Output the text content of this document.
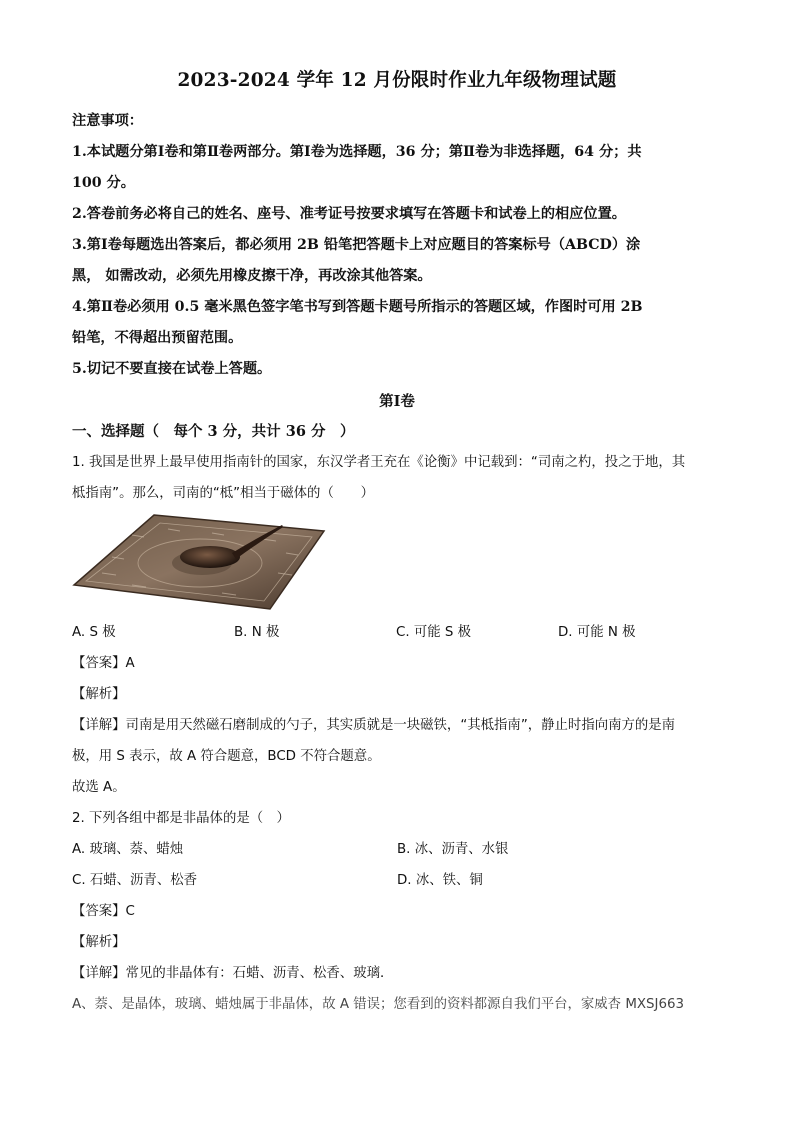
2023-2024 学年 12 月份限时作业九年级物理试题

注意事项：

1.本试题分第Ⅰ卷和第Ⅱ卷两部分。第Ⅰ卷为选择题，36 分；第Ⅱ卷为非选择题，64 分；共

100 分。

2.答卷前务必将自己的姓名、座号、准考证号按要求填写在答题卡和试卷上的相应位置。

3.第Ⅰ卷每题选出答案后，都必须用 2B 铅笔把答题卡上对应题目的答案标号（ABCD）涂

黑， 如需改动，必须先用橡皮擦干净，再改涂其他答案。

4.第Ⅱ卷必须用 0.5 毫米黑色签字笔书写到答题卡题号所指示的答题区域，作图时可用 2B

铅笔，不得超出预留范围。

5.切记不要直接在试卷上答题。

第Ⅰ卷
一、选择题（　每个 3 分，共计 36 分　）

1. 我国是世界上最早使用指南针的国家，东汉学者王充在《论衡》中记载到：“司南之杓，投之于地，其

柢指南”。那么，司南的“柢”相当于磁体的（　　）

A. S 极	B. N 极	C. 可能 S 极	D. 可能 N 极

【答案】A

【解析】

【详解】司南是用天然磁石磨制成的勺子，其实质就是一块磁铁，“其柢指南”，静止时指向南方的是南

极，用 S 表示，故 A 符合题意，BCD 不符合题意。

故选 A。

2. 下列各组中都是非晶体的是（　）

A. 玻璃、萘、蜡烛	B. 冰、沥青、水银
C. 石蜡、沥青、松香	D. 冰、铁、铜

【答案】C

【解析】

【详解】常见的非晶体有：石蜡、沥青、松香、玻璃．

A、萘、是晶体，玻璃、蜡烛属于非晶体，故 A 错误；您看到的资料都源自我们平台，家威杏 MXSJ663
